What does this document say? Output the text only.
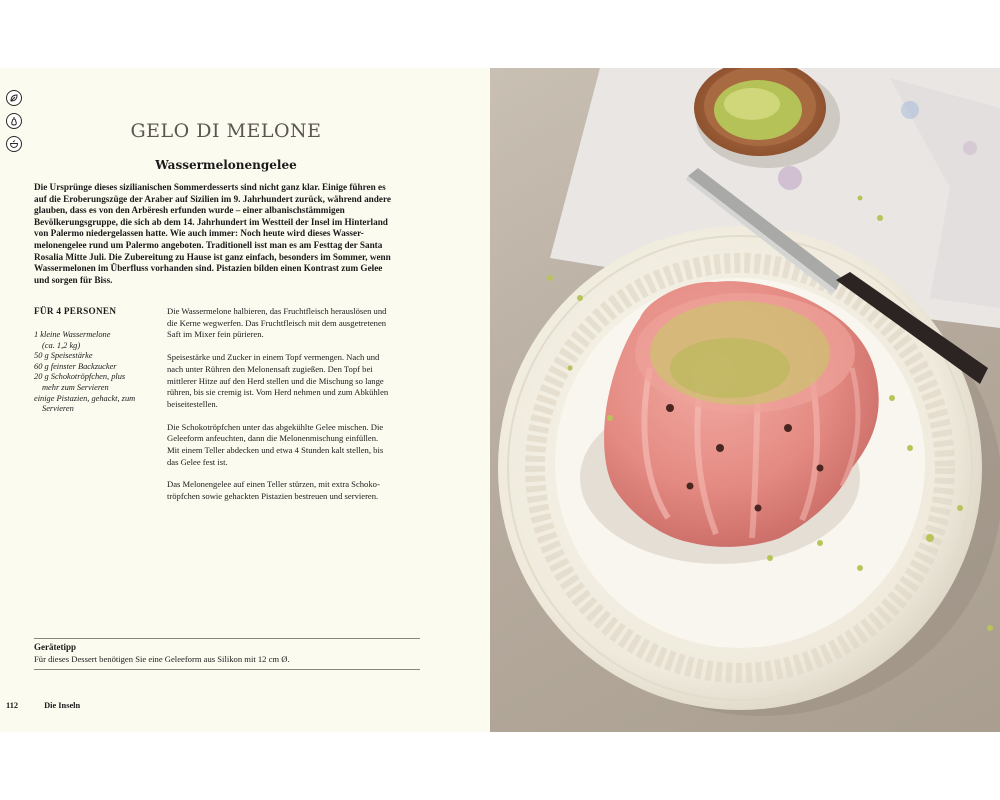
GELO DI MELONE
Wassermelonengelee
Die Ursprünge dieses sizilianischen Sommerdesserts sind nicht ganz klar. Einige führen es
auf die Eroberungszüge der Araber auf Sizilien im 9. Jahrhundert zurück, während andere
glauben, dass es von den Arbëresh erfunden wurde – einer albanischstämmigen
Bevölkerungsgruppe, die sich ab dem 14. Jahrhundert im Westteil der Insel im Hinterland
von Palermo niedergelassen hatte. Wie auch immer: Noch heute wird dieses Wasser-
melonengelee rund um Palermo angeboten. Traditionell isst man es am Festtag der Santa
Rosalia Mitte Juli. Die Zubereitung zu Hause ist ganz einfach, besonders im Sommer, wenn
Wassermelonen im Überfluss vorhanden sind. Pistazien bilden einen Kontrast zum Gelee
und sorgen für Biss.
FÜR 4 PERSONEN
1 kleine Wassermelone
(ca. 1,2 kg)
50 g Speisestärke
60 g feinster Backzucker
20 g Schokotröpfchen, plus
mehr zum Servieren
einige Pistazien, gehackt, zum
Servieren

Die Wassermelone halbieren, das Fruchtfleisch herauslösen und
die Kerne wegwerfen. Das Fruchtfleisch mit dem ausgetretenen
Saft im Mixer fein pürieren.

Speisestärke und Zucker in einem Topf vermengen. Nach und
nach unter Rühren den Melonensaft zugießen. Den Topf bei
mittlerer Hitze auf den Herd stellen und die Mischung so lange
rühren, bis sie cremig ist. Vom Herd nehmen und zum Abkühlen
beiseitestellen.

Die Schokotröpfchen unter das abgekühlte Gelee mischen. Die
Geleeform anfeuchten, dann die Melonenmischung einfüllen.
Mit einem Teller abdecken und etwa 4 Stunden kalt stellen, bis
das Gelee fest ist.

Das Melonengelee auf einen Teller stürzen, mit extra Schoko-
tröpfchen sowie gehackten Pistazien bestreuen und servieren.

Gerätetipp
Für dieses Dessert benötigen Sie eine Geleeform aus Silikon mit 12 cm Ø.
112	Die Inseln
